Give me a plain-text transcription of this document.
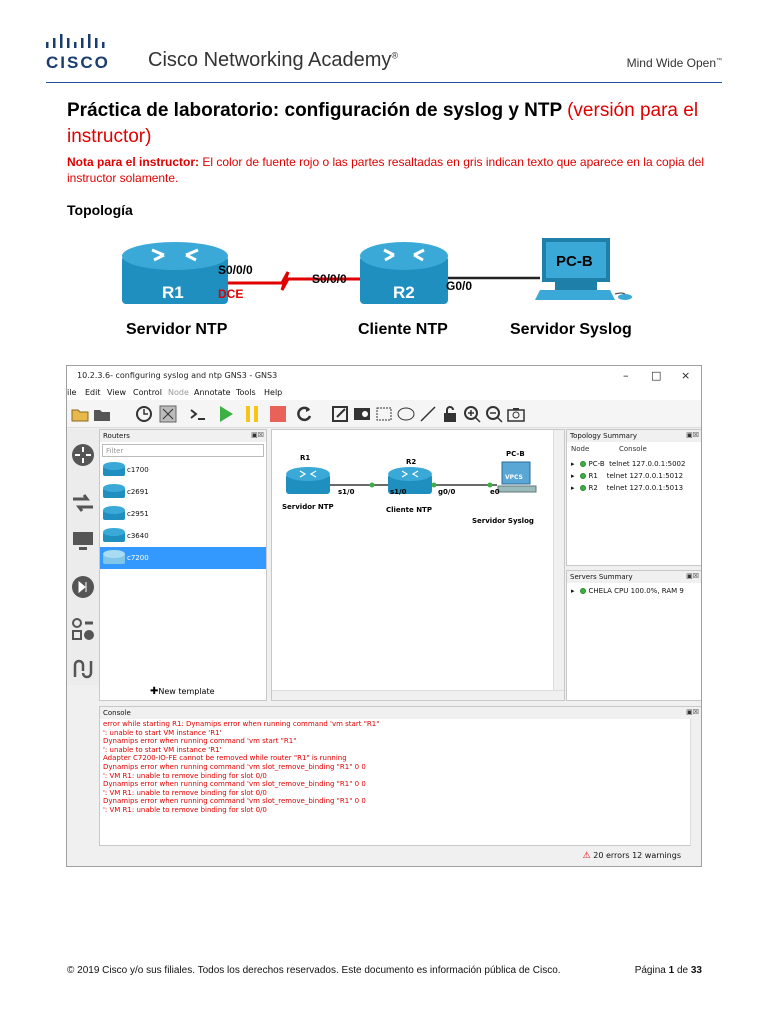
CISCO Cisco Networking Academy®
Mind Wide Open™
Práctica de laboratorio: configuración de syslog y NTP (versión para el instructor)
Nota para el instructor: El color de fuente rojo o las partes resaltadas en gris indican texto que aparece en la copia del instructor solamente.
Topología
R1	R2
PC-B
S0/0/0
DCE
S0/0/0	G0/0
Servidor NTP	Cliente NTP	Servidor Syslog
10.2.3.6- configuring syslog and ntp GNS3 - GNS3	– □ ×
ile Edit View Control Node Annotate Tools Help
Routers	▣☒
Filter
c1700
c2691
c2951
c3640
c7200
✚New template
R1	R2
PC-B
VPCS
s1/0	s1/0	g0/0	e0
Servidor NTP	Cliente NTP
Servidor Syslog
Topology Summary	▣☒
Node	Console
▸ PC-B telnet 127.0.0.1:5002
▸ R1 telnet 127.0.0.1:5012
▸ R2 telnet 127.0.0.1:5013
Servers Summary	▣☒
▸ CHELA CPU 100.0%, RAM 9
Console	▣☒
error while starting R1: Dynamips error when running command 'vm start "R1"
': unable to start VM instance 'R1'
Dynamips error when running command 'vm start "R1"
': unable to start VM instance 'R1'
Adapter C7200-IO-FE cannot be removed while router "R1" is running
Dynamips error when running command 'vm slot_remove_binding "R1" 0 0
': VM R1: unable to remove binding for slot 0/0
Dynamips error when running command 'vm slot_remove_binding "R1" 0 0
': VM R1: unable to remove binding for slot 0/0
Dynamips error when running command 'vm slot_remove_binding "R1" 0 0
': VM R1: unable to remove binding for slot 0/0
⚠ 20 errors 12 warnings
© 2019 Cisco y/o sus filiales. Todos los derechos reservados. Este documento es información pública de Cisco.	Página 1 de 33
